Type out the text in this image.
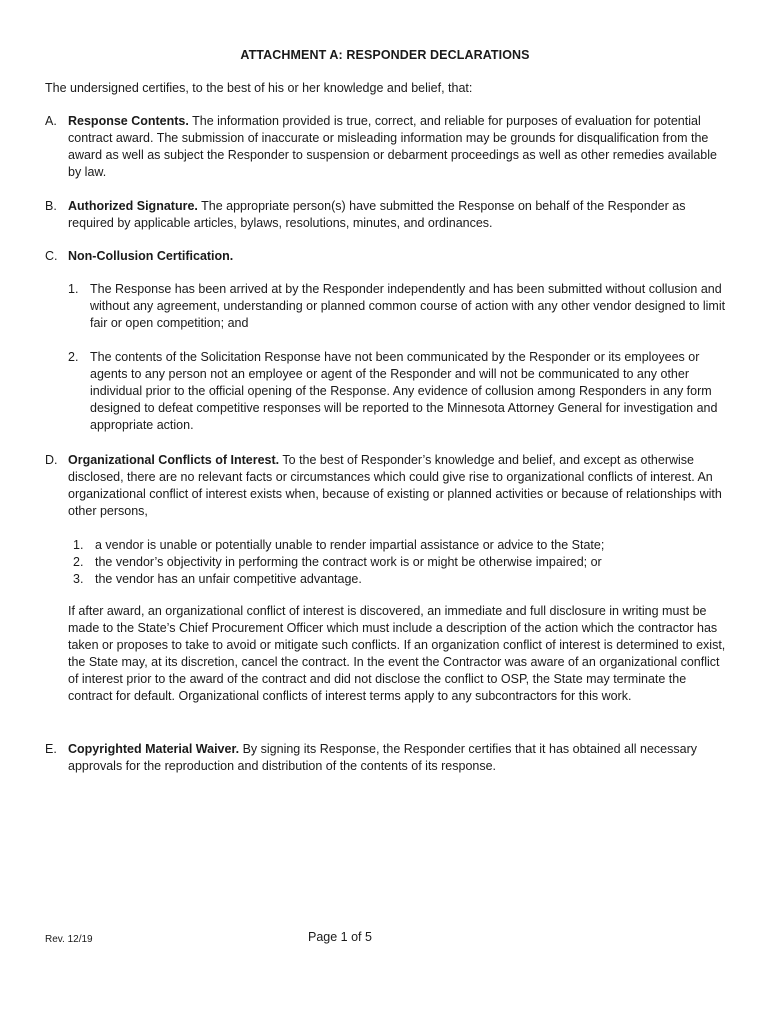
ATTACHMENT A: RESPONDER DECLARATIONS
The undersigned certifies, to the best of his or her knowledge and belief, that:
A. Response Contents. The information provided is true, correct, and reliable for purposes of evaluation for potential contract award. The submission of inaccurate or misleading information may be grounds for disqualification from the award as well as subject the Responder to suspension or debarment proceedings as well as other remedies available by law.
B. Authorized Signature. The appropriate person(s) have submitted the Response on behalf of the Responder as required by applicable articles, bylaws, resolutions, minutes, and ordinances.
C. Non-Collusion Certification.
1. The Response has been arrived at by the Responder independently and has been submitted without collusion and without any agreement, understanding or planned common course of action with any other vendor designed to limit fair or open competition; and
2. The contents of the Solicitation Response have not been communicated by the Responder or its employees or agents to any person not an employee or agent of the Responder and will not be communicated to any other individual prior to the official opening of the Response. Any evidence of collusion among Responders in any form designed to defeat competitive responses will be reported to the Minnesota Attorney General for investigation and appropriate action.
D. Organizational Conflicts of Interest. To the best of Responder’s knowledge and belief, and except as otherwise disclosed, there are no relevant facts or circumstances which could give rise to organizational conflicts of interest. An organizational conflict of interest exists when, because of existing or planned activities or because of relationships with other persons,
1. a vendor is unable or potentially unable to render impartial assistance or advice to the State;
2. the vendor’s objectivity in performing the contract work is or might be otherwise impaired; or
3. the vendor has an unfair competitive advantage.
If after award, an organizational conflict of interest is discovered, an immediate and full disclosure in writing must be made to the State’s Chief Procurement Officer which must include a description of the action which the contractor has taken or proposes to take to avoid or mitigate such conflicts. If an organization conflict of interest is determined to exist, the State may, at its discretion, cancel the contract. In the event the Contractor was aware of an organizational conflict of interest prior to the award of the contract and did not disclose the conflict to OSP, the State may terminate the contract for default. Organizational conflicts of interest terms apply to any subcontractors for this work.
E. Copyrighted Material Waiver. By signing its Response, the Responder certifies that it has obtained all necessary approvals for the reproduction and distribution of the contents of its response.
Rev. 12/19	Page 1 of 5
